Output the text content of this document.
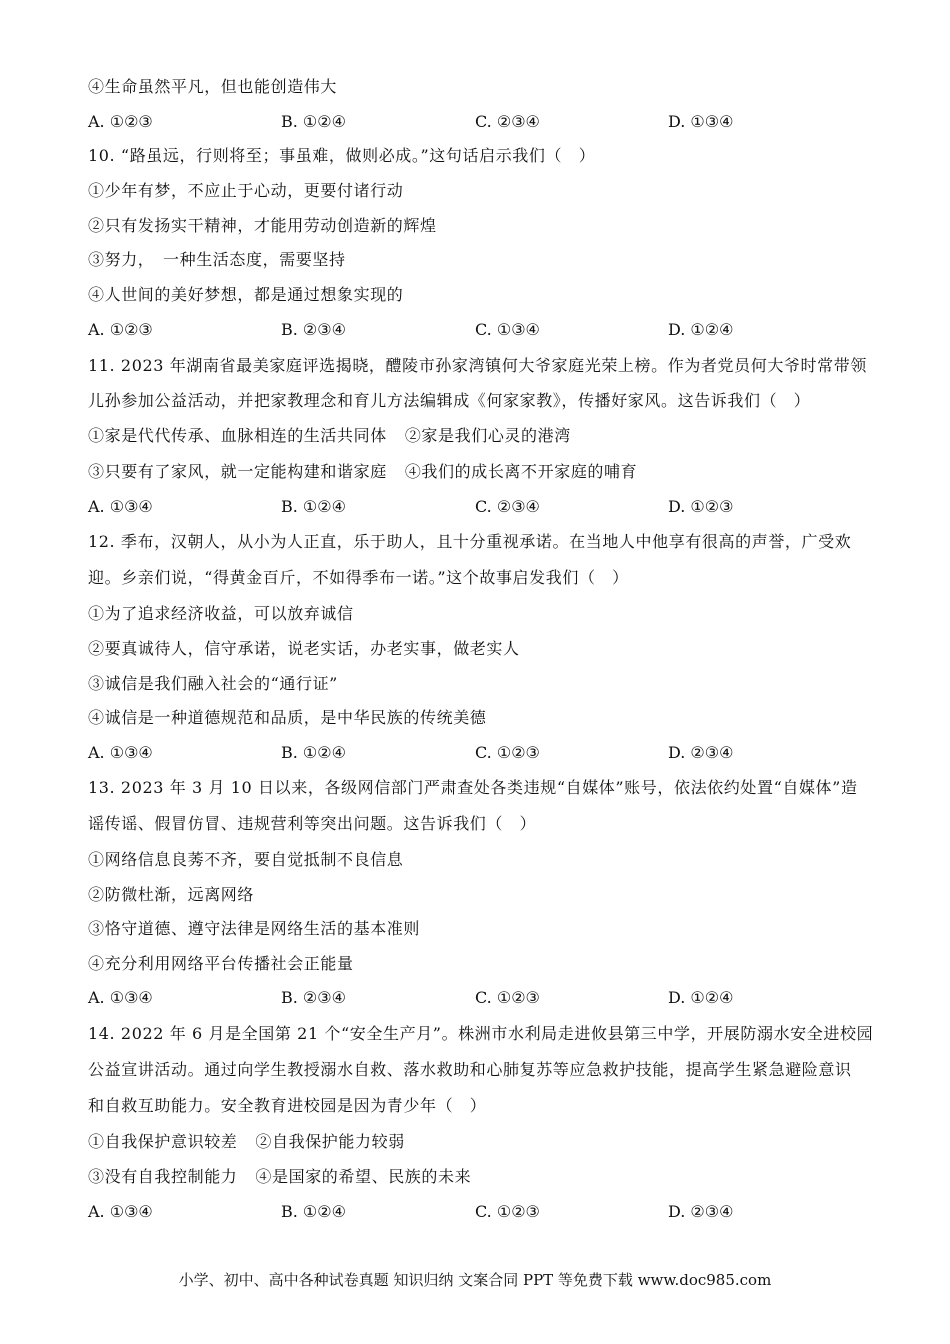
④生命虽然平凡，但也能创造伟大
A. ①②③	B. ①②④	C. ②③④	D. ①③④
10. “路虽远，行则将至；事虽难，做则必成。”这句话启示我们（　）
①少年有梦，不应止于心动，更要付诸行动
②只有发扬实干精神，才能用劳动创造新的辉煌
③努力，　一种生活态度，需要坚持
④人世间的美好梦想，都是通过想象实现的
A. ①②③	B. ②③④	C. ①③④	D. ①②④
11. 2023 年湖南省最美家庭评选揭晓，醴陵市孙家湾镇何大爷家庭光荣上榜。作为者党员何大爷时常带领
儿孙参加公益活动，并把家教理念和育儿方法编辑成《何家家教》，传播好家风。这告诉我们（　）
①家是代代传承、血脉相连的生活共同体 ②家是我们心灵的港湾
③只要有了家风，就一定能构建和谐家庭 ④我们的成长离不开家庭的哺育
A. ①③④	B. ①②④	C. ②③④	D. ①②③
12. 季布，汉朝人，从小为人正直，乐于助人，且十分重视承诺。在当地人中他享有很高的声誉，广受欢
迎。乡亲们说，“得黄金百斤，不如得季布一诺。”这个故事启发我们（　）
①为了追求经济收益，可以放弃诚信
②要真诚待人，信守承诺，说老实话，办老实事，做老实人
③诚信是我们融入社会的“通行证”
④诚信是一种道德规范和品质，是中华民族的传统美德
A. ①③④	B. ①②④	C. ①②③	D. ②③④
13. 2023 年 3 月 10 日以来，各级网信部门严肃查处各类违规“自媒体”账号，依法依约处置“自媒体”造
谣传谣、假冒仿冒、违规营利等突出问题。这告诉我们（　）
①网络信息良莠不齐，要自觉抵制不良信息
②防微杜渐，远离网络
③恪守道德、遵守法律是网络生活的基本准则
④充分利用网络平台传播社会正能量
A. ①③④	B. ②③④	C. ①②③	D. ①②④
14. 2022 年 6 月是全国第 21 个“安全生产月”。株洲市水利局走进攸县第三中学，开展防溺水安全进校园
公益宣讲活动。通过向学生教授溺水自救、落水救助和心肺复苏等应急救护技能，提高学生紧急避险意识
和自救互助能力。安全教育进校园是因为青少年（　）
①自我保护意识较差 ②自我保护能力较弱
③没有自我控制能力 ④是国家的希望、民族的未来
A. ①③④	B. ①②④	C. ①②③	D. ②③④
小学、初中、高中各种试卷真题 知识归纳 文案合同 PPT 等免费下载 www.doc985.com
